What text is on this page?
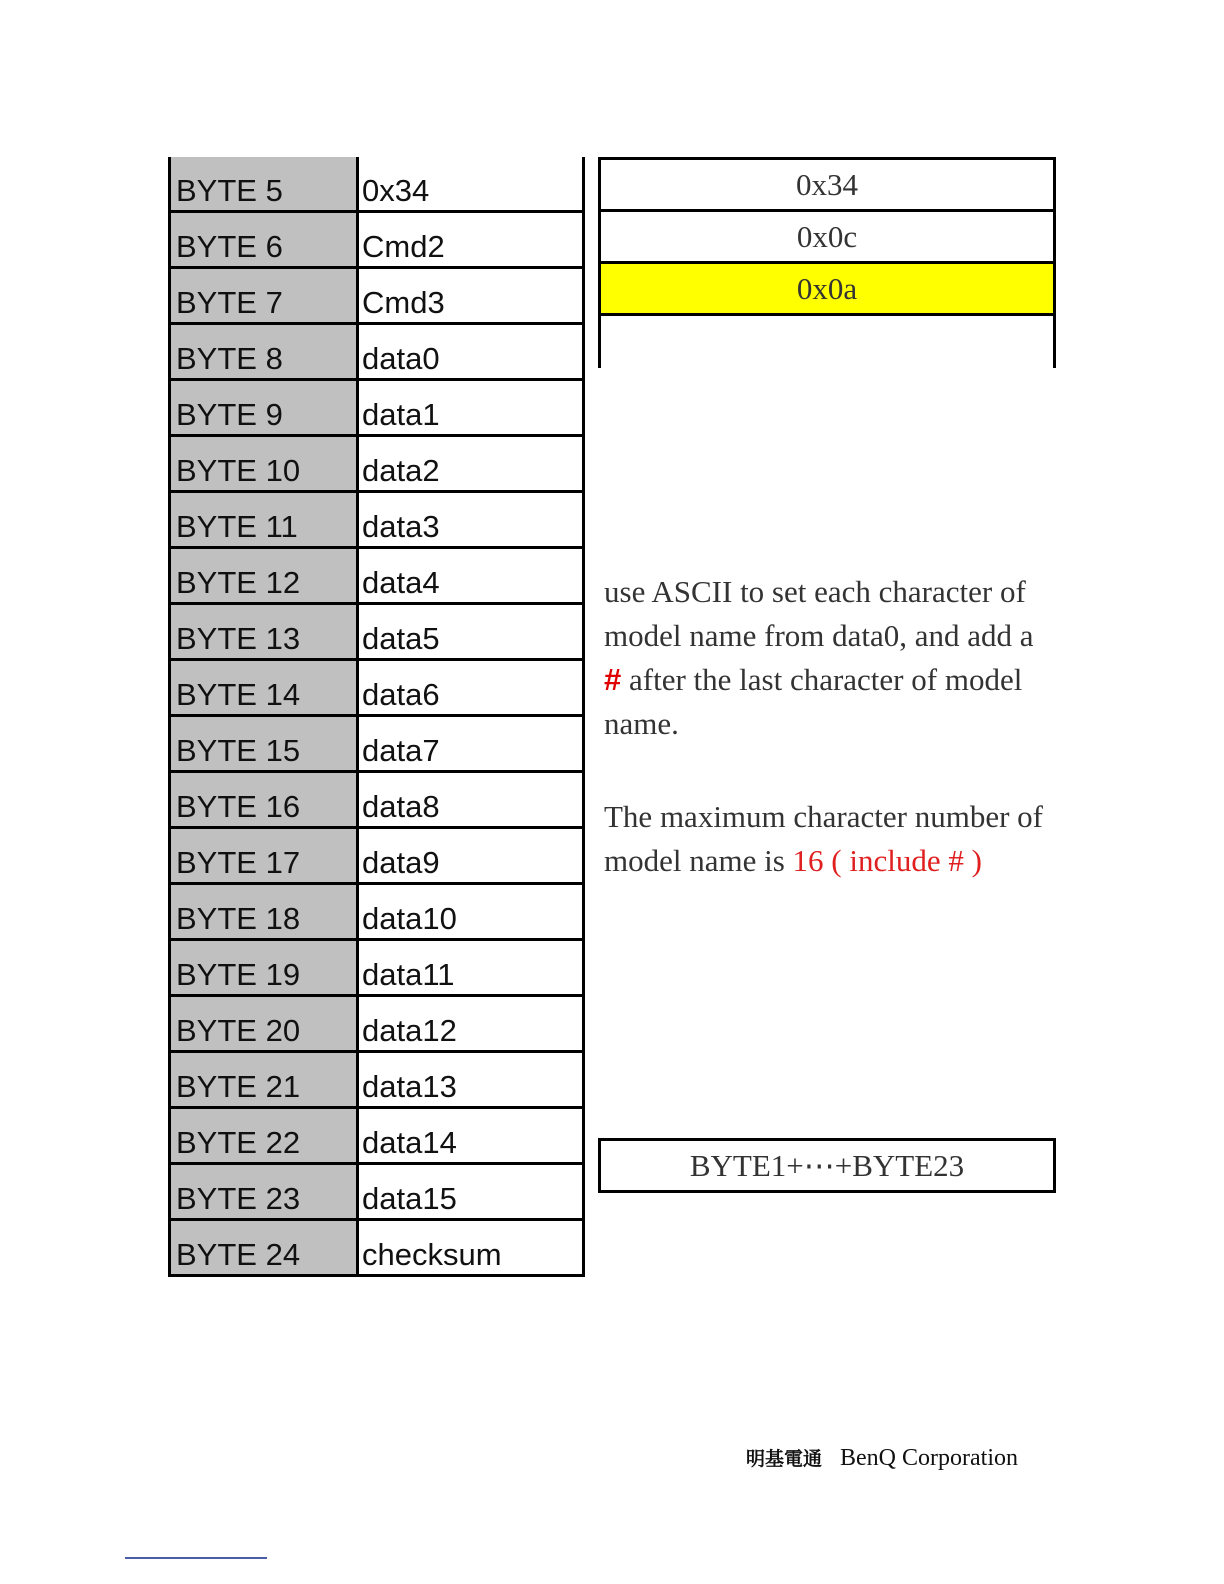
BYTE 5	0x34
BYTE 6	Cmd2
BYTE 7	Cmd3
BYTE 8	data0
BYTE 9	data1
BYTE 10	data2
BYTE 11	data3
BYTE 12	data4
BYTE 13	data5
BYTE 14	data6
BYTE 15	data7
BYTE 16	data8
BYTE 17	data9
BYTE 18	data10
BYTE 19	data11
BYTE 20	data12
BYTE 21	data13
BYTE 22	data14
BYTE 23	data15
BYTE 24	checksum
0x34
0x0c
0x0a

use ASCII to set each character of model name from data0, and add a
# after the last character of model name.

The maximum character number of model name is 16 ( include # )

BYTE1+⋯+BYTE23
明基電通 BenQ Corporation
